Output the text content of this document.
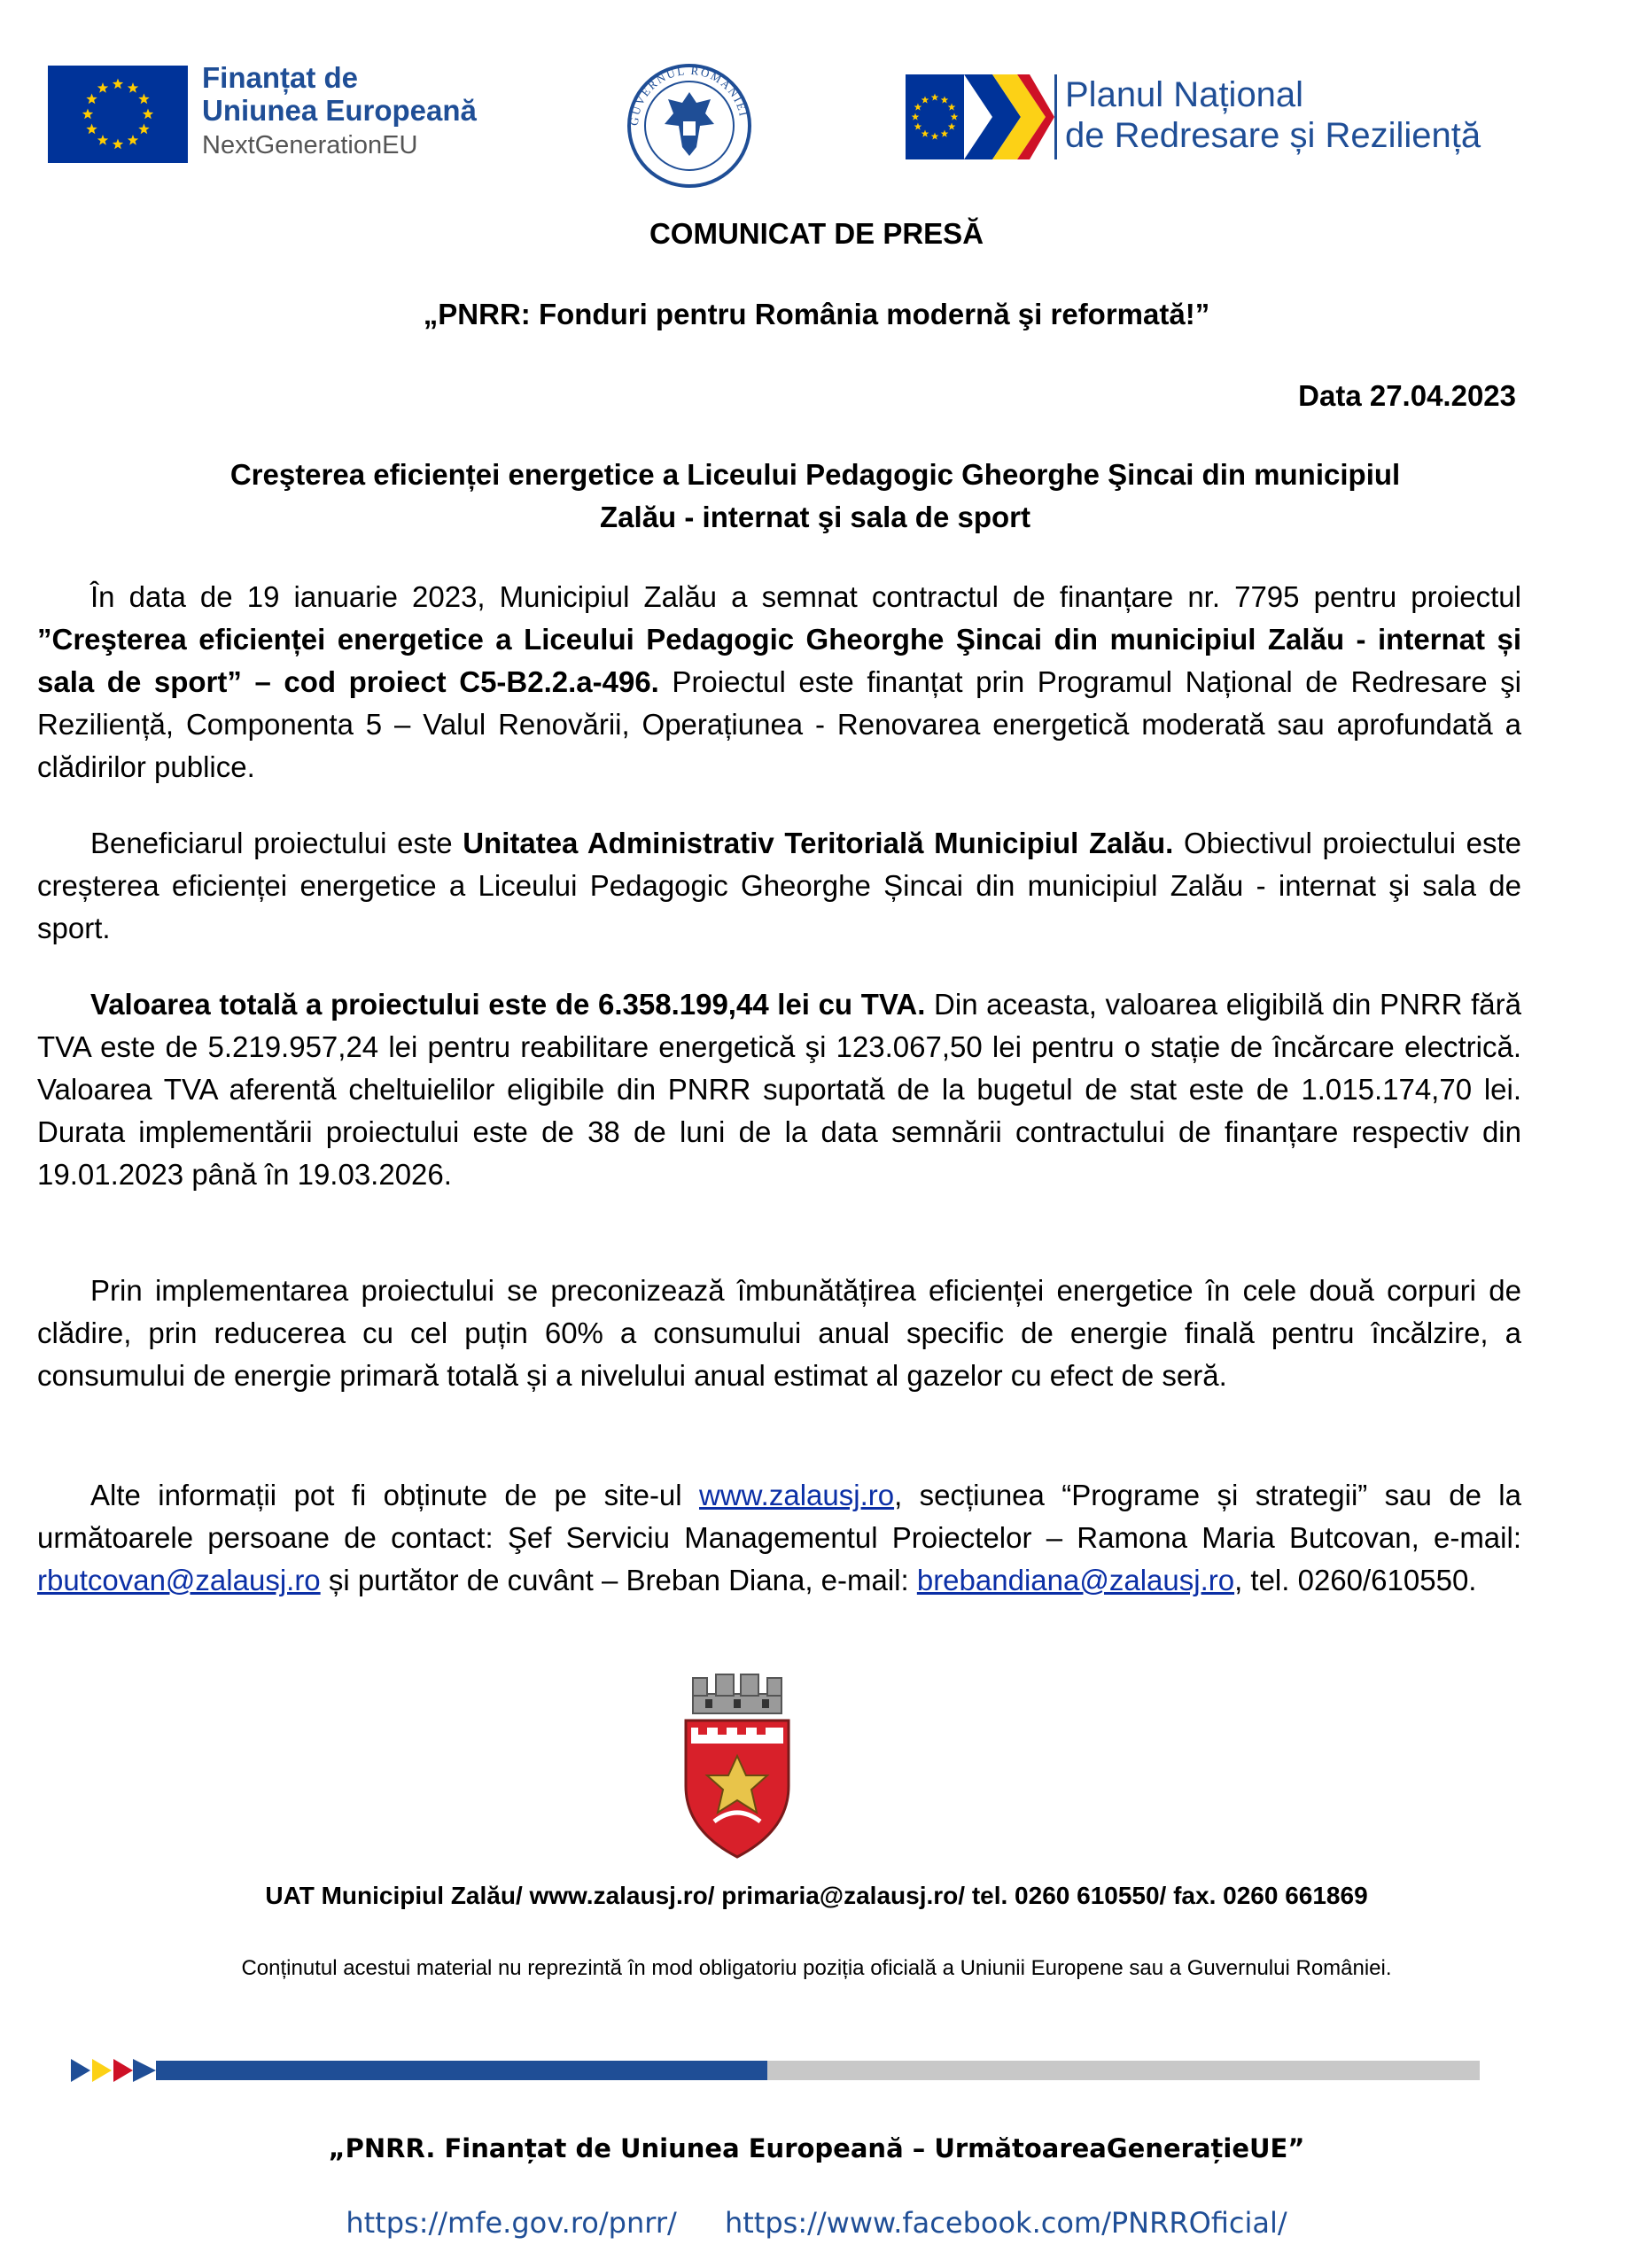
Finanțat de
Uniunea Europeană
NextGenerationEU
GUVERNUL ROMÂNIEI
Planul Național
de Redresare și Reziliență
COMUNICAT DE PRESĂ
„PNRR: Fonduri pentru România modernă şi reformată!”
Data 27.04.2023
Creşterea eficienței energetice a Liceului Pedagogic Gheorghe Şincai din municipiul
Zalău - internat şi sala de sport
În data de 19 ianuarie 2023, Municipiul Zalău a semnat contractul de finanțare nr. 7795 pentru proiectul ”Creşterea eficienței energetice a Liceului Pedagogic Gheorghe Şincai din municipiul Zalău - internat și sala de sport” – cod proiect C5-B2.2.a-496. Proiectul este finanțat prin Programul Național de Redresare şi Reziliență, Componenta 5 – Valul Renovării, Operațiunea - Renovarea energetică moderată sau aprofundată a clădirilor publice.
Beneficiarul proiectului este Unitatea Administrativ Teritorială Municipiul Zalău. Obiectivul proiectului este creșterea eficienței energetice a Liceului Pedagogic Gheorghe Șincai din municipiul Zalău - internat şi sala de sport.
Valoarea totală a proiectului este de 6.358.199,44 lei cu TVA. Din aceasta, valoarea eligibilă din PNRR fără TVA este de 5.219.957,24 lei pentru reabilitare energetică şi 123.067,50 lei pentru o stație de încărcare electrică. Valoarea TVA aferentă cheltuielilor eligibile din PNRR suportată de la bugetul de stat este de 1.015.174,70 lei. Durata implementării proiectului este de 38 de luni de la data semnării contractului de finanțare respectiv din 19.01.2023 până în 19.03.2026.
Prin implementarea proiectului se preconizează îmbunătățirea eficienței energetice în cele două corpuri de clădire, prin reducerea cu cel puțin 60% a consumului anual specific de energie finală pentru încălzire, a consumului de energie primară totală și a nivelului anual estimat al gazelor cu efect de seră.
Alte informații pot fi obținute de pe site-ul www.zalausj.ro, secțiunea “Programe și strategii” sau de la următoarele persoane de contact: Şef Serviciu Managementul Proiectelor – Ramona Maria Butcovan, e-mail: rbutcovan@zalausj.ro și purtător de cuvânt – Breban Diana, e-mail: brebandiana@zalausj.ro, tel. 0260/610550.
UAT Municipiul Zalău/ www.zalausj.ro/ primaria@zalausj.ro/ tel. 0260 610550/ fax. 0260 661869
Conținutul acestui material nu reprezintă în mod obligatoriu poziția oficială a Uniunii Europene sau a Guvernului României.
„PNRR. Finanțat de Uniunea Europeană – UrmătoareaGenerațieUE”
https://mfe.gov.ro/pnrr/ https://www.facebook.com/PNRROficial/
